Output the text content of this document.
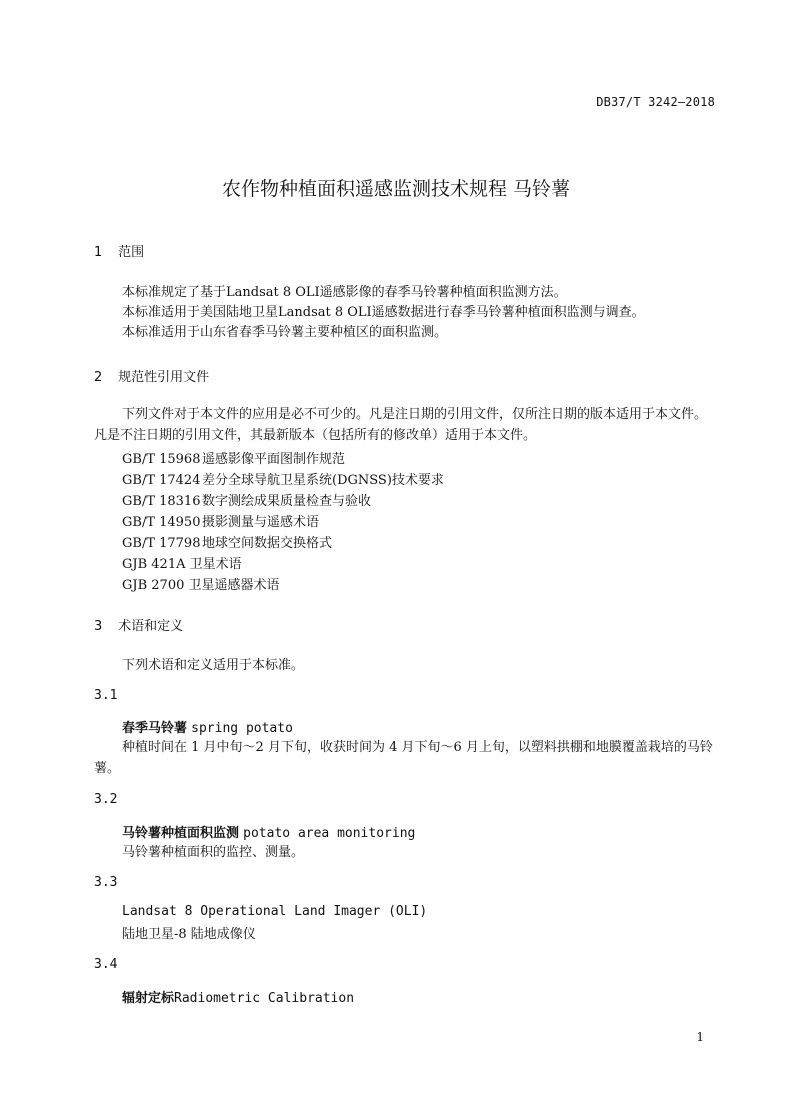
DB37/T 3242—2018
农作物种植面积遥感监测技术规程 马铃薯
1 范围
本标准规定了基于Landsat 8 OLI遥感影像的春季马铃薯种植面积监测方法。
本标准适用于美国陆地卫星Landsat 8 OLI遥感数据进行春季马铃薯种植面积监测与调查。
本标准适用于山东省春季马铃薯主要种植区的面积监测。
2 规范性引用文件
下列文件对于本文件的应用是必不可少的。凡是注日期的引用文件，仅所注日期的版本适用于本文件。凡是不注日期的引用文件，其最新版本（包括所有的修改单）适用于本文件。
GB/T 15968 遥感影像平面图制作规范
GB/T 17424 差分全球导航卫星系统(DGNSS)技术要求
GB/T 18316 数字测绘成果质量检查与验收
GB/T 14950 摄影测量与遥感术语
GB/T 17798 地球空间数据交换格式
GJB 421A 卫星术语
GJB 2700 卫星遥感器术语
3 术语和定义
下列术语和定义适用于本标准。
3.1
春季马铃薯 spring potato
种植时间在 1 月中旬～2 月下旬，收获时间为 4 月下旬～6 月上旬，以塑料拱棚和地膜覆盖栽培的马铃薯。
3.2
马铃薯种植面积监测 potato area monitoring
马铃薯种植面积的监控、测量。
3.3
Landsat 8 Operational Land Imager (OLI)
陆地卫星-8 陆地成像仪
3.4
辐射定标Radiometric Calibration
1
